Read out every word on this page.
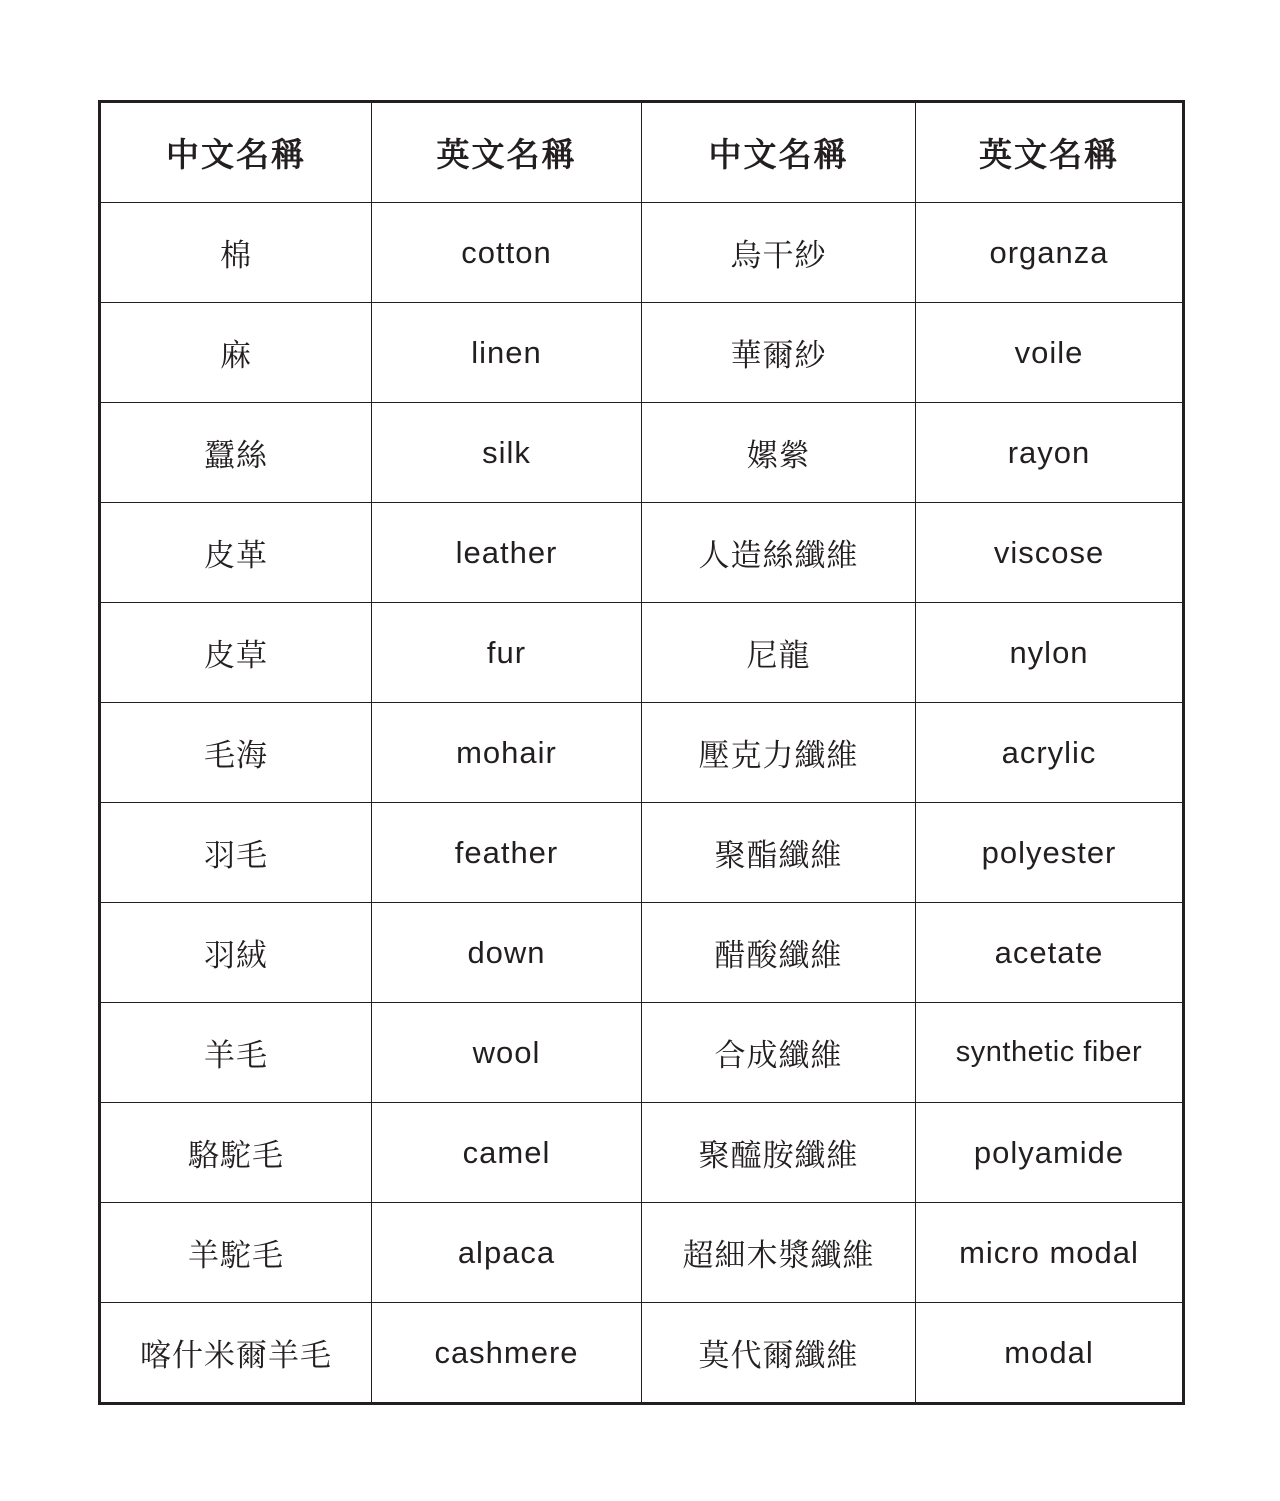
中文名稱	英文名稱	中文名稱	英文名稱
棉	cotton	烏干紗	organza
麻	linen	華爾紗	voile
蠶絲	silk	嫘縈	rayon
皮革	leather	人造絲纖維	viscose
皮草	fur	尼龍	nylon
毛海	mohair	壓克力纖維	acrylic
羽毛	feather	聚酯纖維	polyester
羽絨	down	醋酸纖維	acetate
羊毛	wool	合成纖維	synthetic fiber
駱駝毛	camel	聚醯胺纖維	polyamide
羊駝毛	alpaca	超細木漿纖維	micro modal
喀什米爾羊毛	cashmere	莫代爾纖維	modal
